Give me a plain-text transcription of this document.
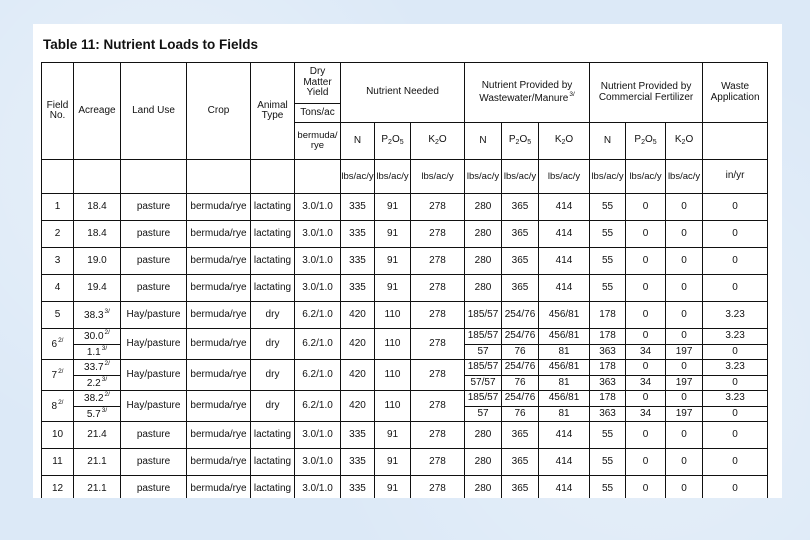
Table 11: Nutrient Loads to Fields
Field No.	Acreage	Land Use	Crop	Animal Type	Dry Matter Yield	Nutrient Needed			Nutrient Provided by Wastewater/Manure$^{3/}$			Nutrient Provided by Commercial Fertilizer			Waste Application
					Tons/ac										
					bermuda/ rye	N	$P_2O_5$	$K_2O$	N	$P_2O_5$	$K_2O$	N	$P_2O_5$	$K_2O$	
						lbs/ac/y	lbs/ac/y	lbs/ac/y	lbs/ac/y	lbs/ac/y	lbs/ac/y	lbs/ac/y	lbs/ac/y	lbs/ac/y	in/yr
1	18.4	pasture	bermuda/rye	lactating	3.0/1.0	335	91	278	280	365	414	55	0	0	0
2	18.4	pasture	bermuda/rye	lactating	3.0/1.0	335	91	278	280	365	414	55	0	0	0
3	19.0	pasture	bermuda/rye	lactating	3.0/1.0	335	91	278	280	365	414	55	0	0	0
4	19.4	pasture	bermuda/rye	lactating	3.0/1.0	335	91	278	280	365	414	55	0	0	0
5	$38.3^{3/}$	Hay/pasture	bermuda/rye	dry	6.2/1.0	420	110	278	185/57	254/76	456/81	178	0	0	3.23
$6^{2/}$	$30.0^{2/}$	Hay/pasture	bermuda/rye	dry	6.2/1.0	420	110	278	185/57	254/76	456/81	178	0	0	3.23
	$1.1^{3/}$								57	76	81	363	34	197	0
$7^{2/}$	$33.7^{2/}$	Hay/pasture	bermuda/rye	dry	6.2/1.0	420	110	278	185/57	254/76	456/81	178	0	0	3.23
	$2.2^{3/}$								57/57	76	81	363	34	197	0
$8^{2/}$	$38.2^{2/}$	Hay/pasture	bermuda/rye	dry	6.2/1.0	420	110	278	185/57	254/76	456/81	178	0	0	3.23
	$5.7^{3/}$								57	76	81	363	34	197	0
10	21.4	pasture	bermuda/rye	lactating	3.0/1.0	335	91	278	280	365	414	55	0	0	0
11	21.1	pasture	bermuda/rye	lactating	3.0/1.0	335	91	278	280	365	414	55	0	0	0
12	21.1	pasture	bermuda/rye	lactating	3.0/1.0	335	91	278	280	365	414	55	0	0	0
